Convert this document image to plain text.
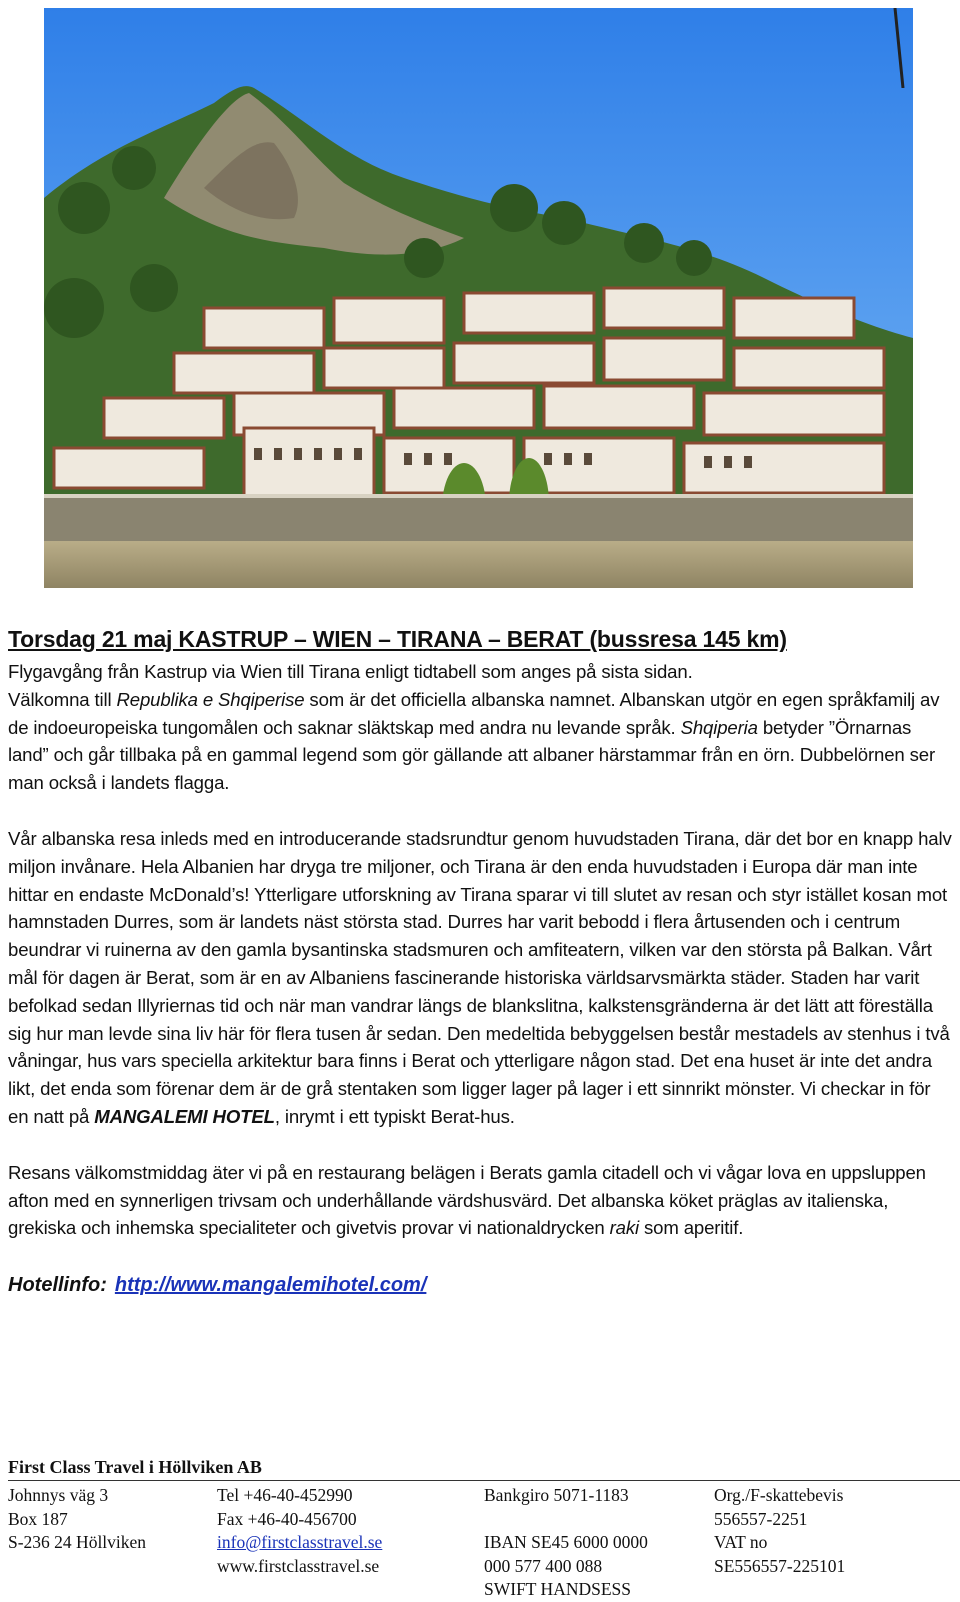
Torsdag 21 maj KASTRUP – WIEN – TIRANA – BERAT (bussresa 145 km)

Flygavgång från Kastrup via Wien till Tirana enligt tidtabell som anges på sista sidan.
Välkomna till Republika e Shqiperise som är det officiella albanska namnet. Albanskan utgör en egen språkfamilj av de indoeuropeiska tungomålen och saknar släktskap med andra nu levande språk. Shqiperia betyder ”Örnarnas land” och går tillbaka på en gammal legend som gör gällande att albaner härstammar från en örn. Dubbelörnen ser man också i landets flagga.

Vår albanska resa inleds med en introducerande stadsrundtur genom huvudstaden Tirana, där det bor en knapp halv miljon invånare. Hela Albanien har dryga tre miljoner, och Tirana är den enda huvudstaden i Europa där man inte hittar en endaste McDonald’s! Ytterligare utforskning av Tirana sparar vi till slutet av resan och styr istället kosan mot hamnstaden Durres, som är landets näst största stad. Durres har varit bebodd i flera årtusenden och i centrum beundrar vi ruinerna av den gamla bysantinska stadsmuren och amfiteatern, vilken var den största på Balkan. Vårt mål för dagen är Berat, som är en av Albaniens fascinerande historiska världsarvsmärkta städer. Staden har varit befolkad sedan Illyriernas tid och när man vandrar längs de blankslitna, kalkstensgränderna är det lätt att föreställa sig hur man levde sina liv här för flera tusen år sedan. Den medeltida bebyggelsen består mestadels av stenhus i två våningar, hus vars speciella arkitektur bara finns i Berat och ytterligare någon stad. Det ena huset är inte det andra likt, det enda som förenar dem är de grå stentaken som ligger lager på lager i ett sinnrikt mönster. Vi checkar in för en natt på MANGALEMI HOTEL, inrymt i ett typiskt Berat-hus.

Resans välkomstmiddag äter vi på en restaurang belägen i Berats gamla citadell och vi vågar lova en uppsluppen afton med en synnerligen trivsam och underhållande värdshusvärd. Det albanska köket präglas av italienska, grekiska och inhemska specialiteter och givetvis provar vi nationaldrycken raki som aperitif.

Hotellinfo: http://www.mangalemihotel.com/
First Class Travel i Höllviken AB
Johnnys väg 3
Box 187
S-236 24 Höllviken
Tel +46-40-452990
Fax +46-40-456700
info@firstclasstravel.se
www.firstclasstravel.se
Bankgiro 5071-1183
IBAN SE45 6000 0000
000 577 400 088
SWIFT HANDSESS
Org./F-skattebevis
556557-2251
VAT no
SE556557-225101
